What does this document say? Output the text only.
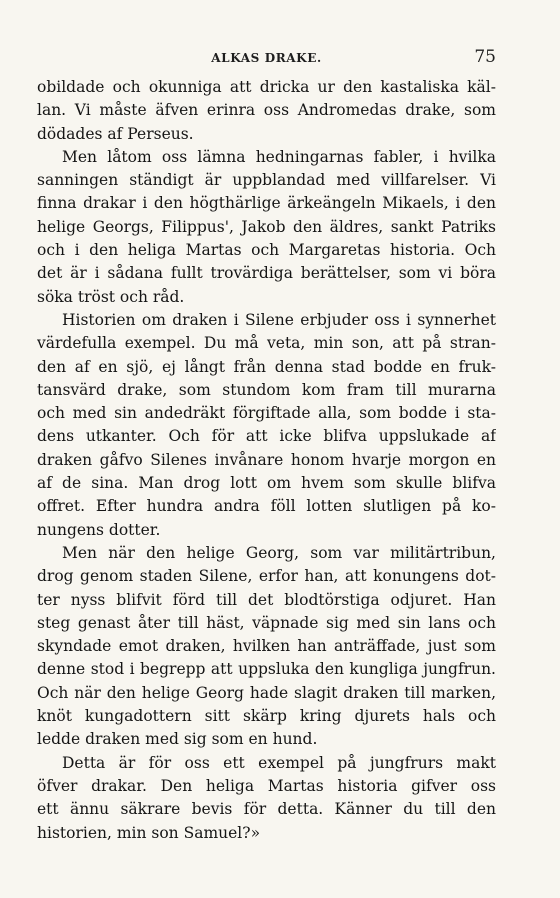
ALKAS DRAKE.	75
obildade och okunniga att dricka ur den kastaliska käl-
lan. Vi måste äfven erinra oss Andromedas drake, som
dödades af Perseus.
Men låtom oss lämna hedningarnas fabler, i hvilka
sanningen ständigt är uppblandad med villfarelser. Vi
finna drakar i den högthärlige ärkeängeln Mikaels, i den
helige Georgs, Filippus', Jakob den äldres, sankt Patriks
och i den heliga Martas och Margaretas historia. Och
det är i sådana fullt trovärdiga berättelser, som vi böra
söka tröst och råd.
Historien om draken i Silene erbjuder oss i synnerhet
värdefulla exempel. Du må veta, min son, att på stran-
den af en sjö, ej långt från denna stad bodde en fruk-
tansvärd drake, som stundom kom fram till murarna
och med sin andedräkt förgiftade alla, som bodde i sta-
dens utkanter. Och för att icke blifva uppslukade af
draken gåfvo Silenes invånare honom hvarje morgon en
af de sina. Man drog lott om hvem som skulle blifva
offret. Efter hundra andra föll lotten slutligen på ko-
nungens dotter.
Men när den helige Georg, som var militärtribun,
drog genom staden Silene, erfor han, att konungens dot-
ter nyss blifvit förd till det blodtörstiga odjuret. Han
steg genast åter till häst, väpnade sig med sin lans och
skyndade emot draken, hvilken han anträffade, just som
denne stod i begrepp att uppsluka den kungliga jungfrun.
Och när den helige Georg hade slagit draken till marken,
knöt kungadottern sitt skärp kring djurets hals och
ledde draken med sig som en hund.
Detta är för oss ett exempel på jungfrurs makt
öfver drakar. Den heliga Martas historia gifver oss
ett ännu säkrare bevis för detta. Känner du till den
historien, min son Samuel?»
